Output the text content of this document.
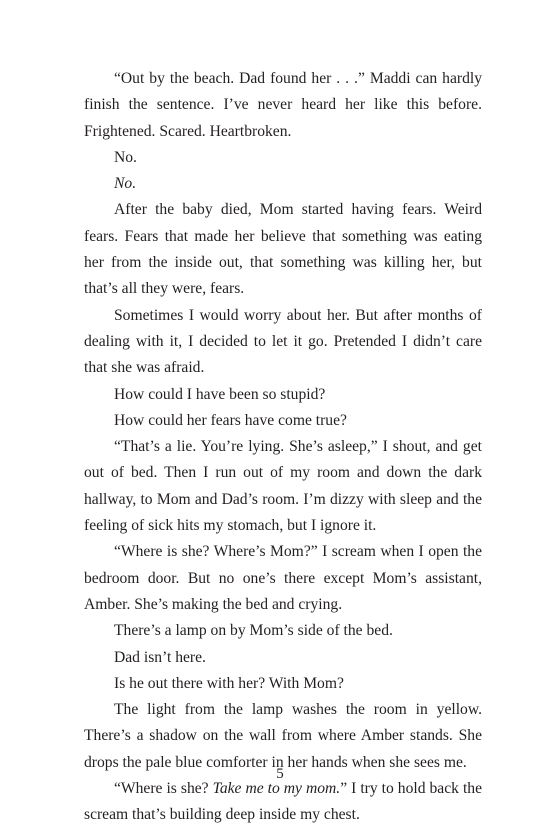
“Out by the beach. Dad found her . . .” Maddi can hardly finish the sentence. I’ve never heard her like this before. Frightened. Scared. Heartbroken.

No.

No.

After the baby died, Mom started having fears. Weird fears. Fears that made her believe that something was eating her from the inside out, that something was killing her, but that’s all they were, fears.

Sometimes I would worry about her. But after months of dealing with it, I decided to let it go. Pretended I didn’t care that she was afraid.

How could I have been so stupid?

How could her fears have come true?

“That’s a lie. You’re lying. She’s asleep,” I shout, and get out of bed. Then I run out of my room and down the dark hallway, to Mom and Dad’s room. I’m dizzy with sleep and the feeling of sick hits my stomach, but I ignore it.

“Where is she? Where’s Mom?” I scream when I open the bedroom door. But no one’s there except Mom’s assistant, Amber. She’s making the bed and crying.

There’s a lamp on by Mom’s side of the bed.

Dad isn’t here.

Is he out there with her? With Mom?

The light from the lamp washes the room in yellow. There’s a shadow on the wall from where Amber stands. She drops the pale blue comforter in her hands when she sees me.

“Where is she? Take me to my mom.” I try to hold back the scream that’s building deep inside my chest.

5
